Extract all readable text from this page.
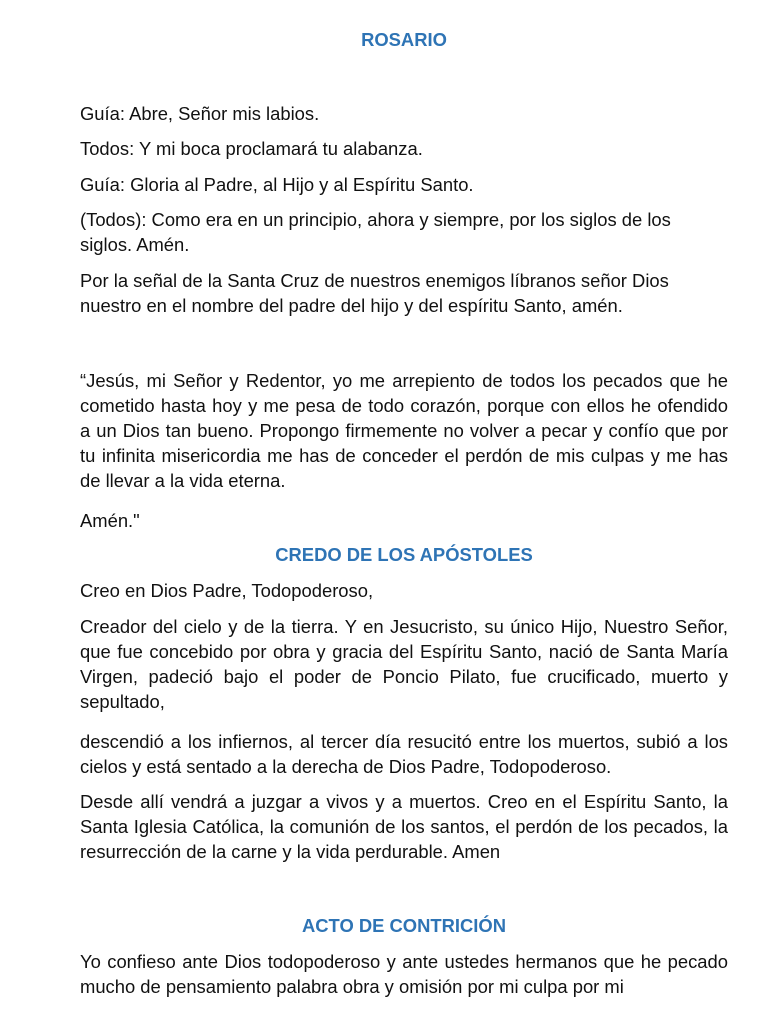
ROSARIO

Guía: Abre, Señor mis labios.

Todos: Y mi boca proclamará tu alabanza.

Guía: Gloria al Padre, al Hijo y al Espíritu Santo.

(Todos): Como era en un principio, ahora y siempre, por los siglos de los siglos. Amén.

Por la señal de la Santa Cruz de nuestros enemigos líbranos señor Dios nuestro en el nombre del padre del hijo y del espíritu Santo, amén.

“Jesús, mi Señor y Redentor, yo me arrepiento de todos los pecados que he cometido hasta hoy y me pesa de todo corazón, porque con ellos he ofendido a un Dios tan bueno. Propongo firmemente no volver a pecar y confío que por tu infinita misericordia me has de conceder el perdón de mis culpas y me has de llevar a la vida eterna.

Amén."

CREDO DE LOS APÓSTOLES

Creo en Dios Padre, Todopoderoso,

Creador del cielo y de la tierra. Y en Jesucristo, su único Hijo, Nuestro Señor, que fue concebido por obra y gracia del Espíritu Santo, nació de Santa María Virgen, padeció bajo el poder de Poncio Pilato, fue crucificado, muerto y sepultado,

descendió a los infiernos, al tercer día resucitó entre los muertos, subió a los cielos y está sentado a la derecha de Dios Padre, Todopoderoso.

Desde allí vendrá a juzgar a vivos y a muertos. Creo en el Espíritu Santo, la Santa Iglesia Católica, la comunión de los santos, el perdón de los pecados, la resurrección de la carne y la vida perdurable. Amen

ACTO DE CONTRICIÓN

Yo confieso ante Dios todopoderoso y ante ustedes hermanos que he pecado mucho de pensamiento palabra obra y omisión por mi culpa por mi
